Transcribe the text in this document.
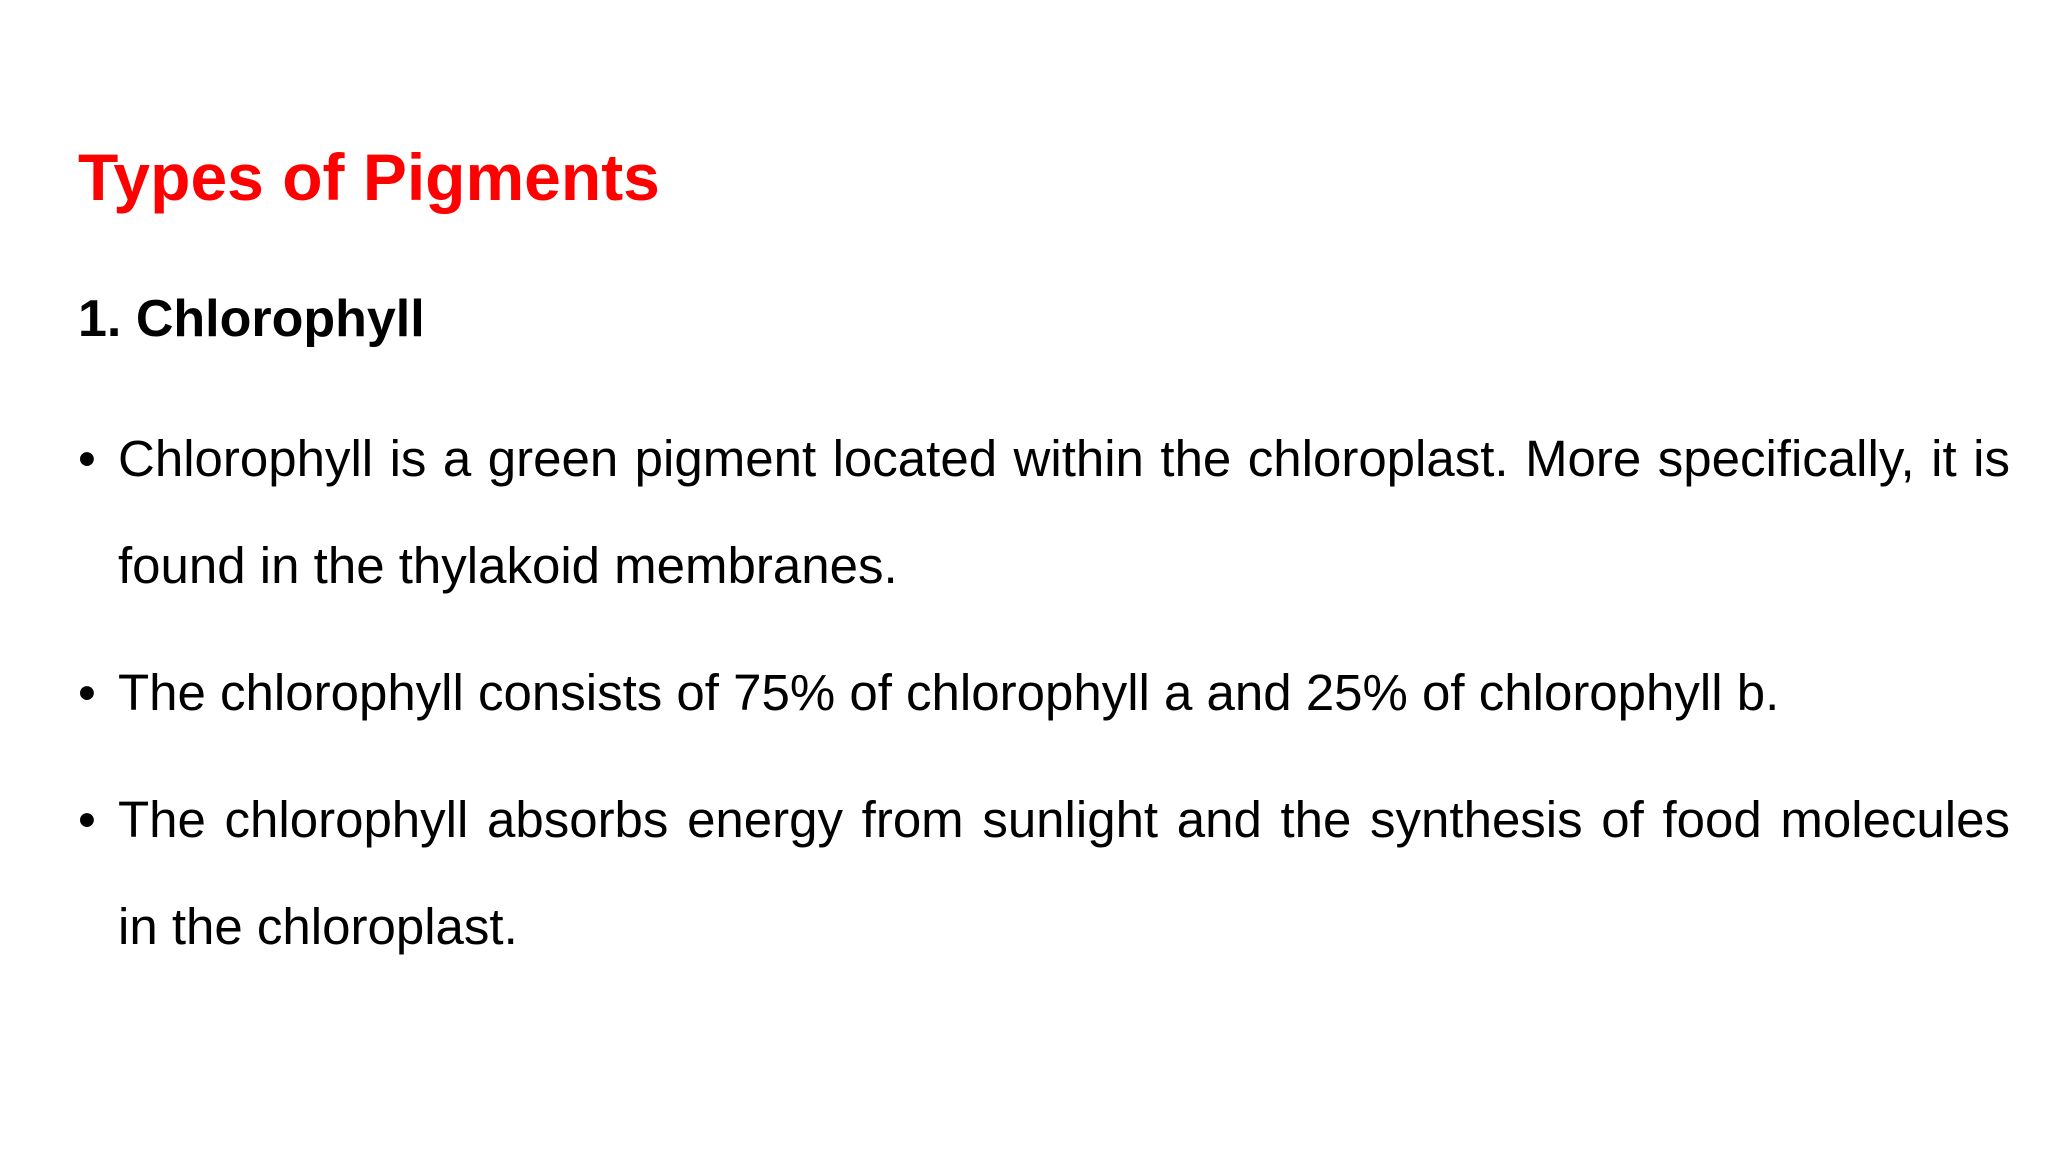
Types of Pigments
1. Chlorophyll
• Chlorophyll is a green pigment located within the chloroplast. More specifically, it is found in the thylakoid membranes.
• The chlorophyll consists of 75% of chlorophyll a and 25% of chlorophyll b.
• The chlorophyll absorbs energy from sunlight and the synthesis of food molecules in the chloroplast.
